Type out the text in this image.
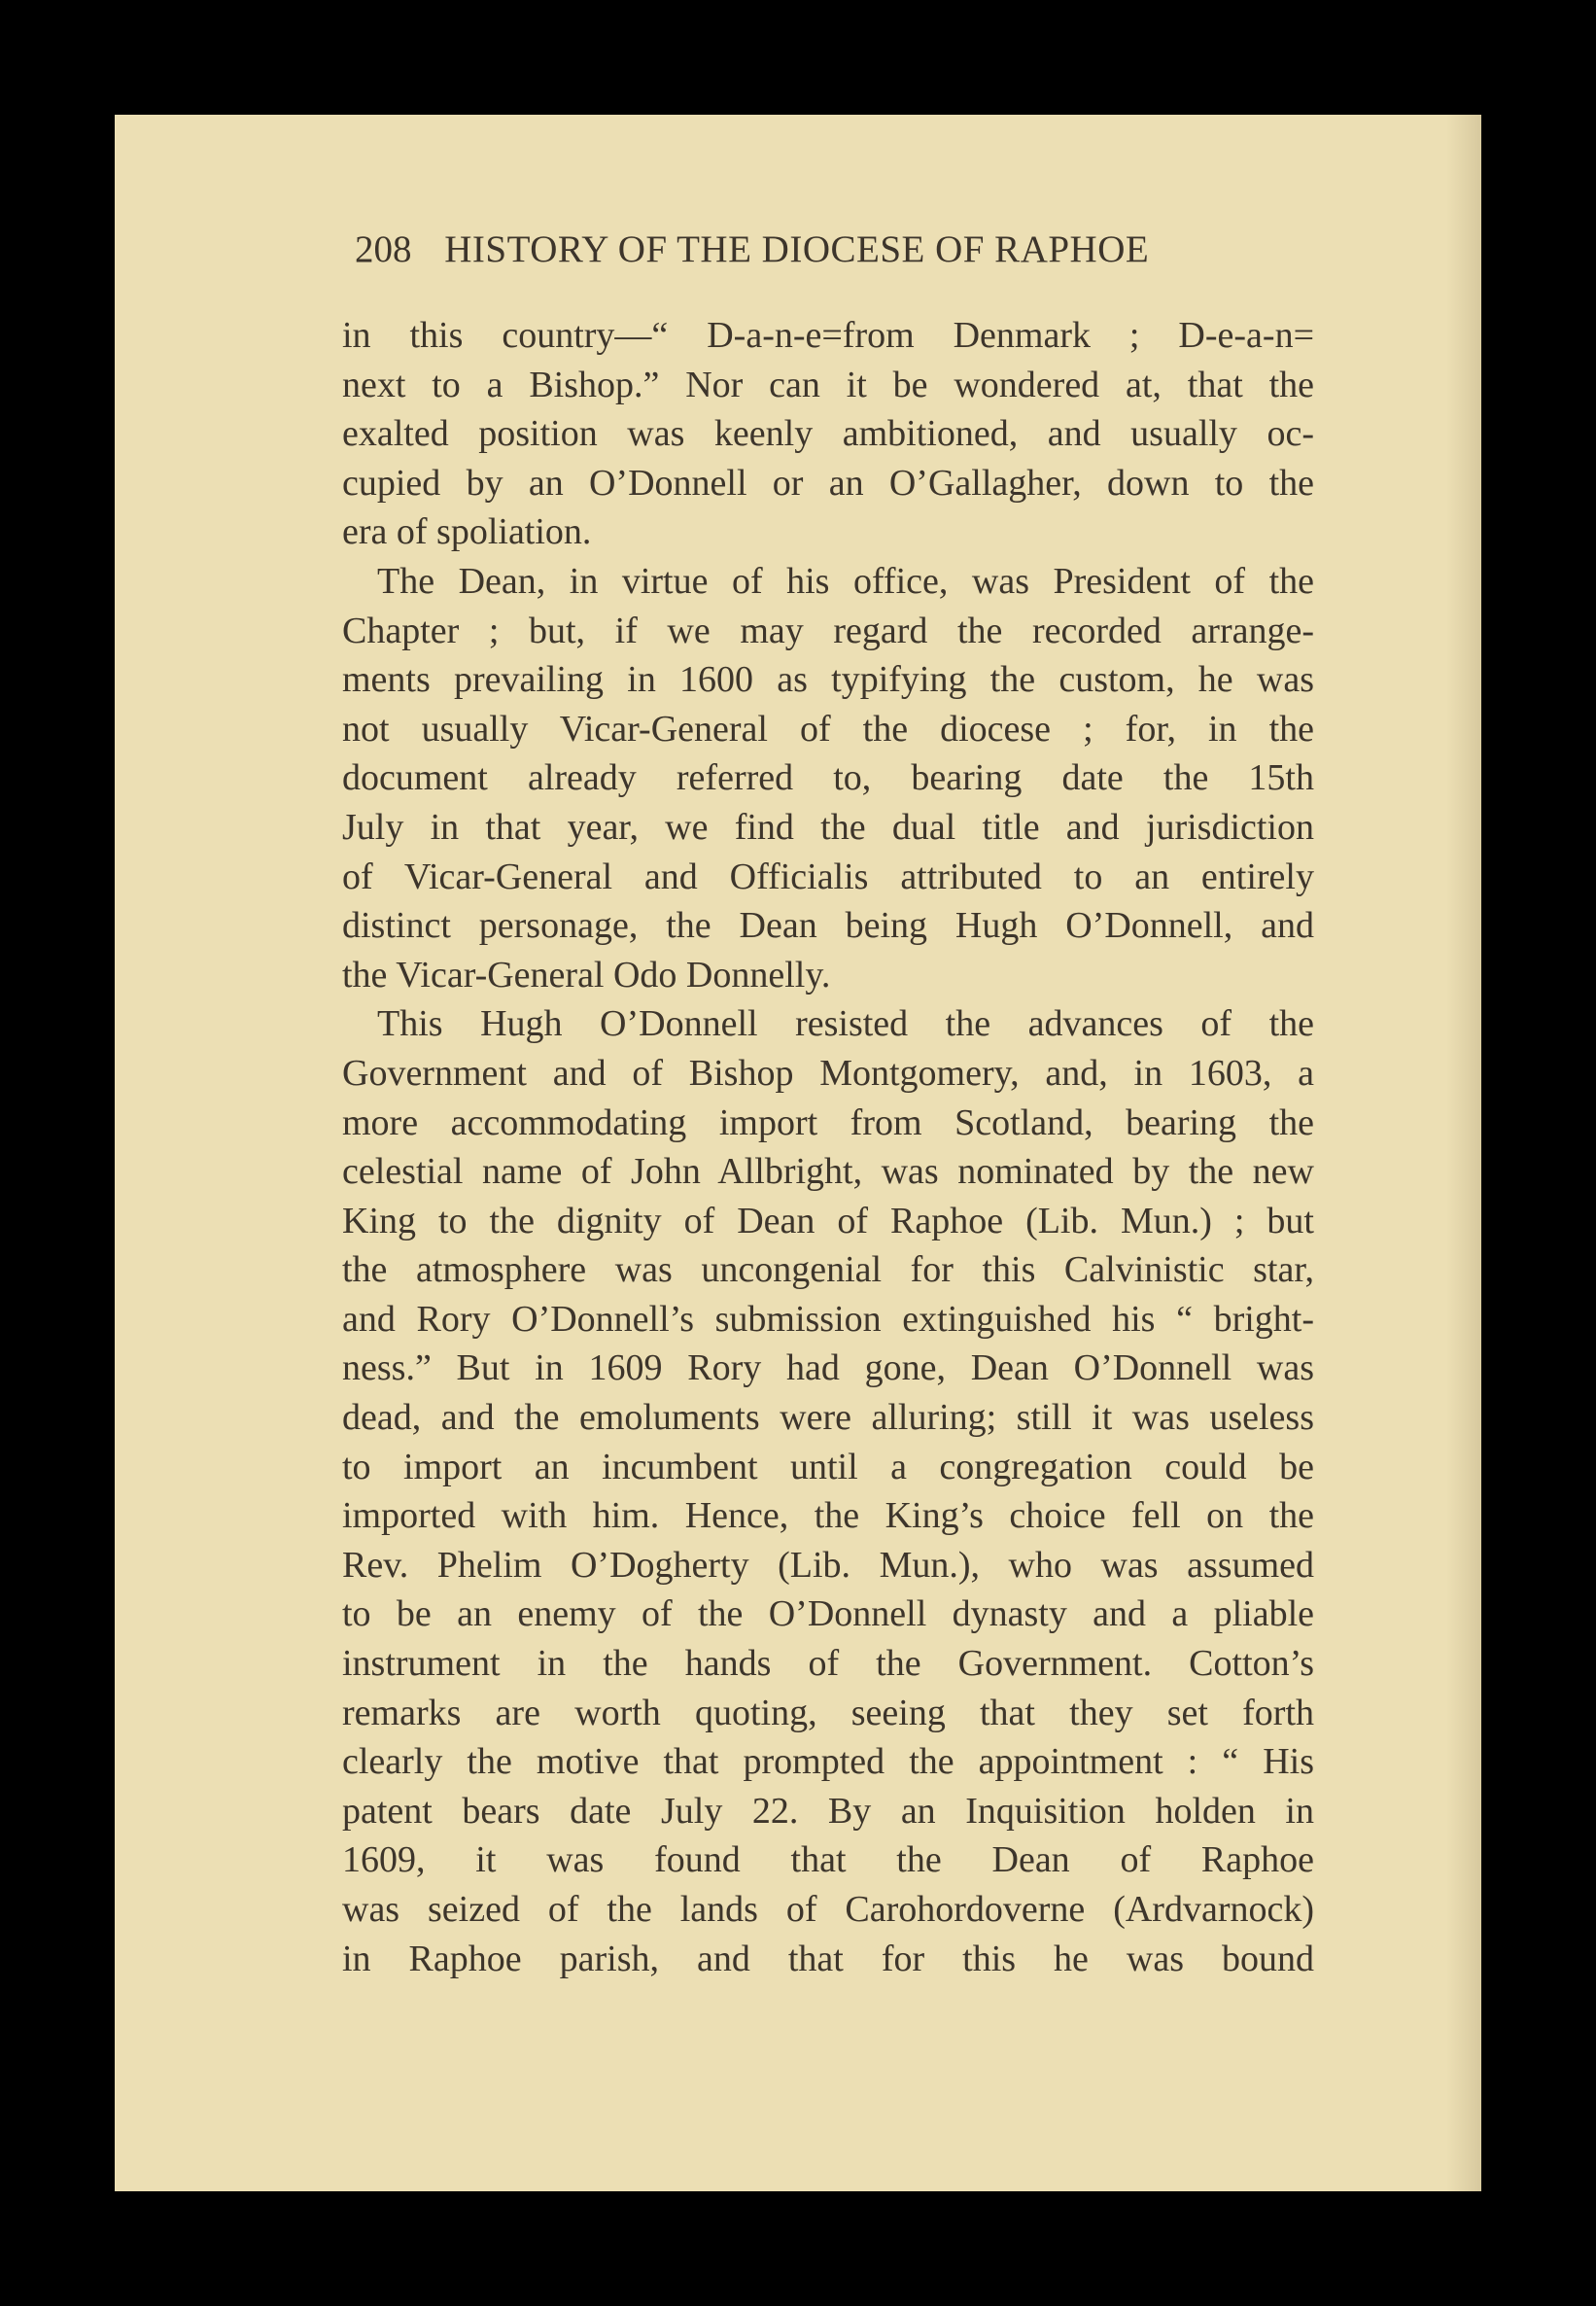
208 HISTORY OF THE DIOCESE OF RAPHOE
in this country—“ D-a-n-e=from Denmark ; D-e-a-n=
next to a Bishop.” Nor can it be wondered at, that the
exalted position was keenly ambitioned, and usually oc-
cupied by an O’Donnell or an O’Gallagher, down to the
era of spoliation.
The Dean, in virtue of his office, was President of the
Chapter ; but, if we may regard the recorded arrange-
ments prevailing in 1600 as typifying the custom, he was
not usually Vicar-General of the diocese ; for, in the
document already referred to, bearing date the 15th
July in that year, we find the dual title and jurisdiction
of Vicar-General and Officialis attributed to an entirely
distinct personage, the Dean being Hugh O’Donnell, and
the Vicar-General Odo Donnelly.
This Hugh O’Donnell resisted the advances of the
Government and of Bishop Montgomery, and, in 1603, a
more accommodating import from Scotland, bearing the
celestial name of John Allbright, was nominated by the new
King to the dignity of Dean of Raphoe (Lib. Mun.) ; but
the atmosphere was uncongenial for this Calvinistic star,
and Rory O’Donnell’s submission extinguished his “ bright-
ness.” But in 1609 Rory had gone, Dean O’Donnell was
dead, and the emoluments were alluring; still it was useless
to import an incumbent until a congregation could be
imported with him. Hence, the King’s choice fell on the
Rev. Phelim O’Dogherty (Lib. Mun.), who was assumed
to be an enemy of the O’Donnell dynasty and a pliable
instrument in the hands of the Government. Cotton’s
remarks are worth quoting, seeing that they set forth
clearly the motive that prompted the appointment : “ His
patent bears date July 22. By an Inquisition holden in
1609, it was found that the Dean of Raphoe
was seized of the lands of Carohordoverne (Ardvarnock)
in Raphoe parish, and that for this he was bound
